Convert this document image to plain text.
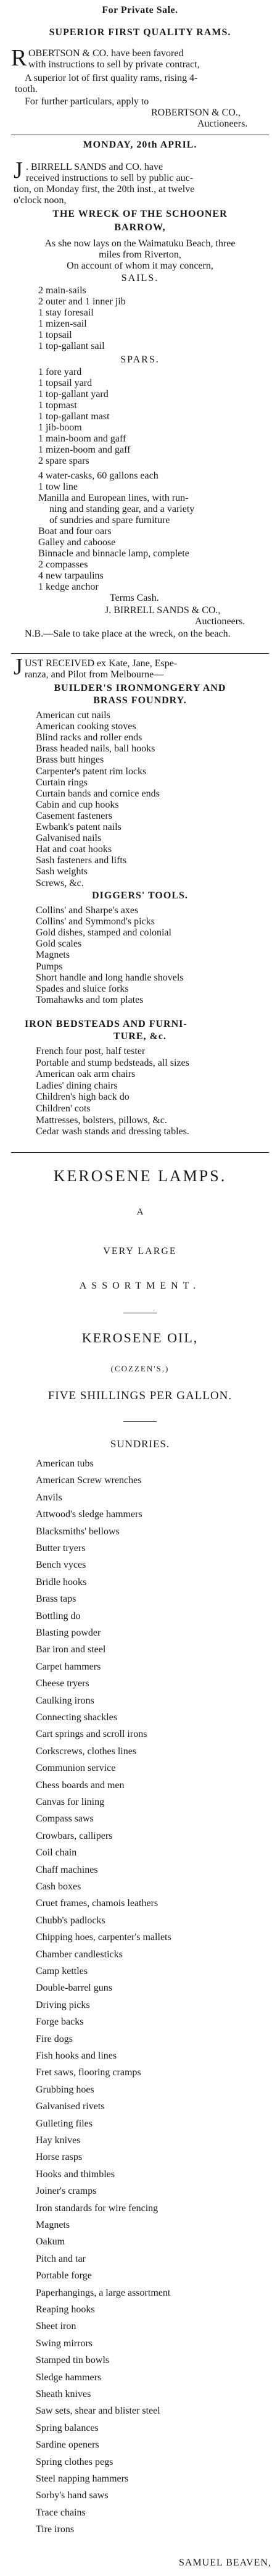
For Private Sale.
SUPERIOR FIRST QUALITY RAMS.
R OBERTSON & CO. have been favored
with instructions to sell by private contract,
A superior lot of first quality rams, rising 4-
tooth.
For further particulars, apply to
ROBERTSON & CO.,
Auctioneers.
MONDAY, 20th APRIL.
J . BIRRELL SANDS and CO. have
received instructions to sell by public auc-
tion, on Monday first, the 20th inst., at twelve
o'clock noon,
THE WRECK OF THE SCHOONER
BARROW,
As she now lays on the Waimatuku Beach, three
miles from Riverton,
On account of whom it may concern,
SAILS.
2 main-sails
2 outer and 1 inner jib
1 stay foresail
1 mizen-sail
1 topsail
1 top-gallant sail
SPARS.
1 fore yard
1 topsail yard
1 top-gallant yard
1 topmast
1 top-gallant mast
1 jib-boom
1 main-boom and gaff
1 mizen-boom and gaff
2 spare spars
4 water-casks, 60 gallons each
1 tow line
Manilla and European lines, with run-
ning and standing gear, and a variety
of sundries and spare furniture
Boat and four oars
Galley and caboose
Binnacle and binnacle lamp, complete
2 compasses
4 new tarpaulins
1 kedge anchor
Terms Cash.
J. BIRRELL SANDS & CO.,
Auctioneers.
N.B.—Sale to take place at the wreck, on the beach.
J UST RECEIVED ex Kate, Jane, Espe-
ranza, and Pilot from Melbourne—
BUILDER'S IRONMONGERY AND
BRASS FOUNDRY.
American cut nails
American cooking stoves
Blind racks and roller ends
Brass headed nails, ball hooks
Brass butt hinges
Carpenter's patent rim locks
Curtain rings
Curtain bands and cornice ends
Cabin and cup hooks
Casement fasteners
Ewbank's patent nails
Galvanised nails
Hat and coat hooks
Sash fasteners and lifts
Sash weights
Screws, &c.
DIGGERS' TOOLS.
Collins' and Sharpe's axes
Collins' and Symmond's picks
Gold dishes, stamped and colonial
Gold scales
Magnets
Pumps
Short handle and long handle shovels
Spades and sluice forks
Tomahawks and tom plates
IRON BEDSTEADS AND FURNI-
TURE, &c.
French four post, half tester
Portable and stump bedsteads, all sizes
American oak arm chairs
Ladies' dining chairs
Children's high back do
Children' cots
Mattresses, bolsters, pillows, &c.
Cedar wash stands and dressing tables.
KEROSENE LAMPS.
A
VERY LARGE
ASSORTMENT.
KEROSENE OIL,
(COZZEN'S,)
FIVE SHILLINGS PER GALLON.
SUNDRIES.
American tubs
American Screw wrenches
Anvils
Attwood's sledge hammers
Blacksmiths' bellows
Butter tryers
Bench vyces
Bridle hooks
Brass taps
Bottling do
Blasting powder
Bar iron and steel
Carpet hammers
Cheese tryers
Caulking irons
Connecting shackles
Cart springs and scroll irons
Corkscrews, clothes lines
Communion service
Chess boards and men
Canvas for lining
Compass saws
Crowbars, callipers
Coil chain
Chaff machines
Cash boxes
Cruet frames, chamois leathers
Chubb's padlocks
Chipping hoes, carpenter's mallets
Chamber candlesticks
Camp kettles
Double-barrel guns
Driving picks
Forge backs
Fire dogs
Fish hooks and lines
Fret saws, flooring cramps
Grubbing hoes
Galvanised rivets
Gulleting files
Hay knives
Horse rasps
Hooks and thimbles
Joiner's cramps
Iron standards for wire fencing
Magnets
Oakum
Pitch and tar
Portable forge
Paperhangings, a large assortment
Reaping hooks
Sheet iron
Swing mirrors
Stamped tin bowls
Sledge hammers
Sheath knives
Saw sets, shear and blister steel
Spring balances
Sardine openers
Spring clothes pegs
Steel napping hammers
Sorby's hand saws
Trace chains
Tire irons
SAMUEL BEAVEN,
